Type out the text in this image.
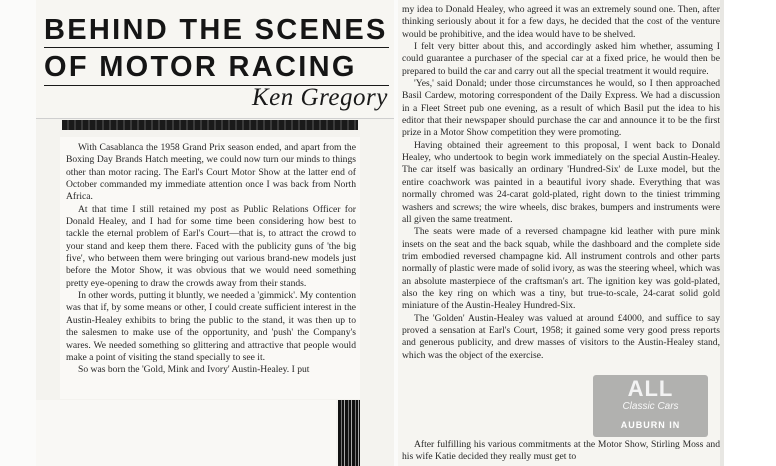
BEHIND THE SCENES
OF MOTOR RACING
Ken Gregory

With Casablanca the 1958 Grand Prix season ended, and apart from the Boxing Day Brands Hatch meeting, we could now turn our minds to things other than motor racing. The Earl's Court Motor Show at the latter end of October commanded my immediate attention once I was back from North Africa.

At that time I still retained my post as Public Relations Officer for Donald Healey, and I had for some time been considering how best to tackle the eternal problem of Earl's Court—that is, to attract the crowd to your stand and keep them there. Faced with the publicity guns of 'the big five', who between them were bringing out various brand-new models just before the Motor Show, it was obvious that we would need something pretty eye-opening to draw the crowds away from their stands.

In other words, putting it bluntly, we needed a 'gimmick'. My contention was that if, by some means or other, I could create sufficient interest in the Austin-Healey exhibits to bring the public to the stand, it was then up to the salesmen to make use of the opportunity, and 'push' the Company's wares. We needed something so glittering and attractive that people would make a point of visiting the stand specially to see it.

So was born the 'Gold, Mink and Ivory' Austin-Healey. I put

my idea to Donald Healey, who agreed it was an extremely sound one. Then, after thinking seriously about it for a few days, he decided that the cost of the venture would be prohibitive, and the idea would have to be shelved.

I felt very bitter about this, and accordingly asked him whether, assuming I could guarantee a purchaser of the special car at a fixed price, he would then be prepared to build the car and carry out all the special treatment it would require.

'Yes,' said Donald; under those circumstances he would, so I then approached Basil Cardew, motoring correspondent of the Daily Express. We had a discussion in a Fleet Street pub one evening, as a result of which Basil put the idea to his editor that their newspaper should purchase the car and announce it to be the first prize in a Motor Show competition they were promoting.

Having obtained their agreement to this proposal, I went back to Donald Healey, who undertook to begin work immediately on the special Austin-Healey. The car itself was basically an ordinary 'Hundred-Six' de Luxe model, but the entire coachwork was painted in a beautiful ivory shade. Everything that was normally chromed was 24-carat gold-plated, right down to the tiniest trimming washers and screws; the wire wheels, disc brakes, bumpers and instruments were all given the same treatment.

The seats were made of a reversed champagne kid leather with pure mink insets on the seat and the back squab, while the dashboard and the complete side trim embodied reversed champagne kid. All instrument controls and other parts normally of plastic were made of solid ivory, as was the steering wheel, which was an absolute masterpiece of the craftsman's art. The ignition key was gold-plated, also the key ring on which was a tiny, but true-to-scale, 24-carat solid gold miniature of the Austin-Healey Hundred-Six.

The 'Golden' Austin-Healey was valued at around £4000, and suffice to say proved a sensation at Earl's Court, 1958; it gained some very good press reports and generous publicity, and drew masses of visitors to the Austin-Healey stand, which was the object of the exercise.

After fulfilling his various commitments at the Motor Show, Stirling Moss and his wife Katie decided they really must get to

ALL
Classic Cars
AUBURN IN
